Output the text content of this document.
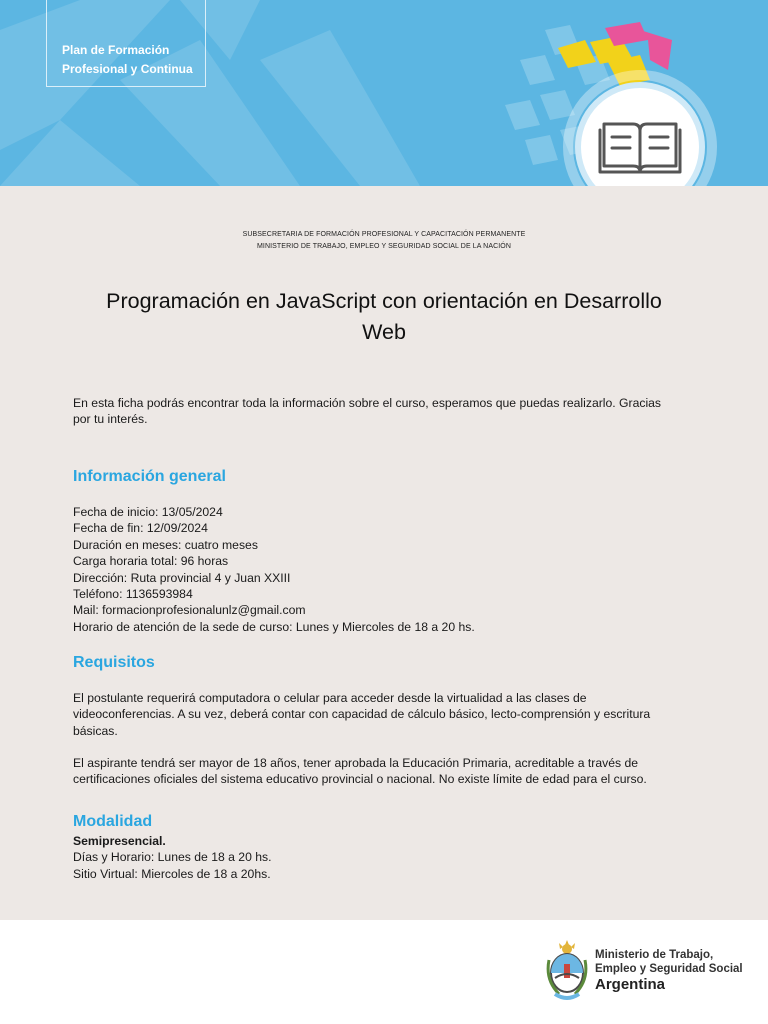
Plan de Formación
Profesional y Continua
SUBSECRETARIA DE FORMACIÓN PROFESIONAL Y CAPACITACIÓN PERMANENTE
MINISTERIO DE TRABAJO, EMPLEO Y SEGURIDAD SOCIAL DE LA NACIÓN
Programación en JavaScript con orientación en Desarrollo
Web
En esta ficha podrás encontrar toda la información sobre el curso, esperamos que puedas realizarlo. Gracias
por tu interés.
Información general
Fecha de inicio: 13/05/2024
Fecha de fin: 12/09/2024
Duración en meses: cuatro meses
Carga horaria total: 96 horas
Dirección: Ruta provincial 4 y Juan XXIII
Teléfono: 1136593984
Mail: formacionprofesionalunlz@gmail.com
Horario de atención de la sede de curso: Lunes y Miercoles de 18 a 20 hs.
Requisitos
El postulante requerirá computadora o celular para acceder desde la virtualidad a las clases de
videoconferencias. A su vez, deberá contar con capacidad de cálculo básico, lecto-comprensión y escritura
básicas.
El aspirante tendrá ser mayor de 18 años, tener aprobada la Educación Primaria, acreditable a través de
certificaciones oficiales del sistema educativo provincial o nacional. No existe límite de edad para el curso.
Modalidad
Semipresencial.
Días y Horario: Lunes de 18 a 20 hs.
Sitio Virtual: Miercoles de 18 a 20hs.
Ministerio de Trabajo,
Empleo y Seguridad Social
Argentina
